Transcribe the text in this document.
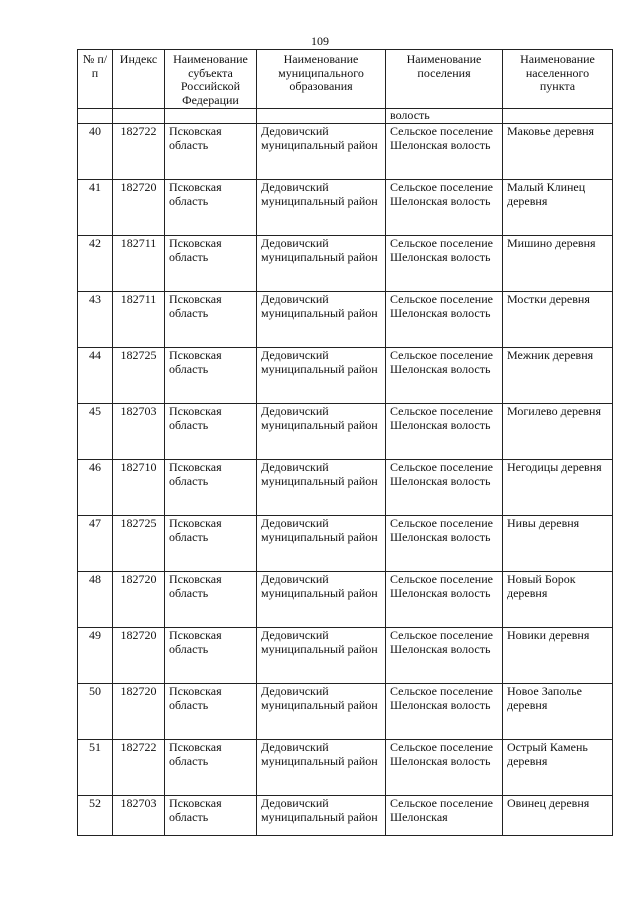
109
№ п/п	Индекс	Наименование субъекта Российской Федерации	Наименование муниципального образования	Наименование поселения	Наименование населенного пункта
				волость	
40	182722	Псковская область	Дедовичский муниципальный район	Сельское поселение Шелонская волость	Маковье деревня
41	182720	Псковская область	Дедовичский муниципальный район	Сельское поселение Шелонская волость	Малый Клинец деревня
42	182711	Псковская область	Дедовичский муниципальный район	Сельское поселение Шелонская волость	Мишино деревня
43	182711	Псковская область	Дедовичский муниципальный район	Сельское поселение Шелонская волость	Мостки деревня
44	182725	Псковская область	Дедовичский муниципальный район	Сельское поселение Шелонская волость	Межник деревня
45	182703	Псковская область	Дедовичский муниципальный район	Сельское поселение Шелонская волость	Могилево деревня
46	182710	Псковская область	Дедовичский муниципальный район	Сельское поселение Шелонская волость	Негодицы деревня
47	182725	Псковская область	Дедовичский муниципальный район	Сельское поселение Шелонская волость	Нивы деревня
48	182720	Псковская область	Дедовичский муниципальный район	Сельское поселение Шелонская волость	Новый Борок деревня
49	182720	Псковская область	Дедовичский муниципальный район	Сельское поселение Шелонская волость	Новики деревня
50	182720	Псковская область	Дедовичский муниципальный район	Сельское поселение Шелонская волость	Новое Заполье деревня
51	182722	Псковская область	Дедовичский муниципальный район	Сельское поселение Шелонская волость	Острый Камень деревня
52	182703	Псковская область	Дедовичский муниципальный район	Сельское поселение Шелонская	Овинец деревня
